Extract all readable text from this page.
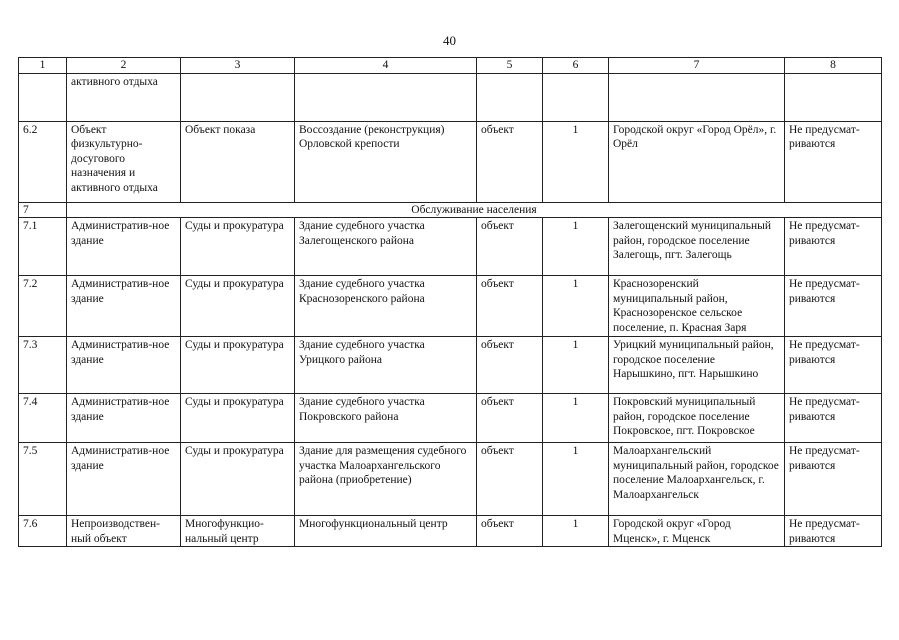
40
1	2	3	4	5	6	7	8
	активного отдыха						
6.2	Объект физкультурно-досугового назначения и активного отдыха	Объект показа	Воссоздание (реконструкция) Орловской крепости	объект	1	Городской округ «Город Орёл», г. Орёл	Не предусмат-риваются
7	Обслуживание населения						
7.1	Административ-ное здание	Суды и прокуратура	Здание судебного участка Залегощенского района	объект	1	Залегощенский муниципальный район, городское поселение Залегощь, пгт. Залегощь	Не предусмат-риваются
7.2	Административ-ное здание	Суды и прокуратура	Здание судебного участка Краснозоренского района	объект	1	Краснозоренский муниципальный район, Краснозоренское сельское поселение, п. Красная Заря	Не предусмат-риваются
7.3	Административ-ное здание	Суды и прокуратура	Здание судебного участка Урицкого района	объект	1	Урицкий муниципальный район, городское поселение Нарышкино, пгт. Нарышкино	Не предусмат-риваются
7.4	Административ-ное здание	Суды и прокуратура	Здание судебного участка Покровского района	объект	1	Покровский муниципальный район, городское поселение Покровское, пгт. Покровское	Не предусмат-риваются
7.5	Административ-ное здание	Суды и прокуратура	Здание для размещения судебного участка Малоархангельского района (приобретение)	объект	1	Малоархангельский муниципальный район, городское поселение Малоархангельск, г. Малоархангельск	Не предусмат-риваются
7.6	Непроизводствен-ный объект	Многофункцио-нальный центр	Многофункциональный центр	объект	1	Городской округ «Город Мценск», г. Мценск	Не предусмат-риваются
